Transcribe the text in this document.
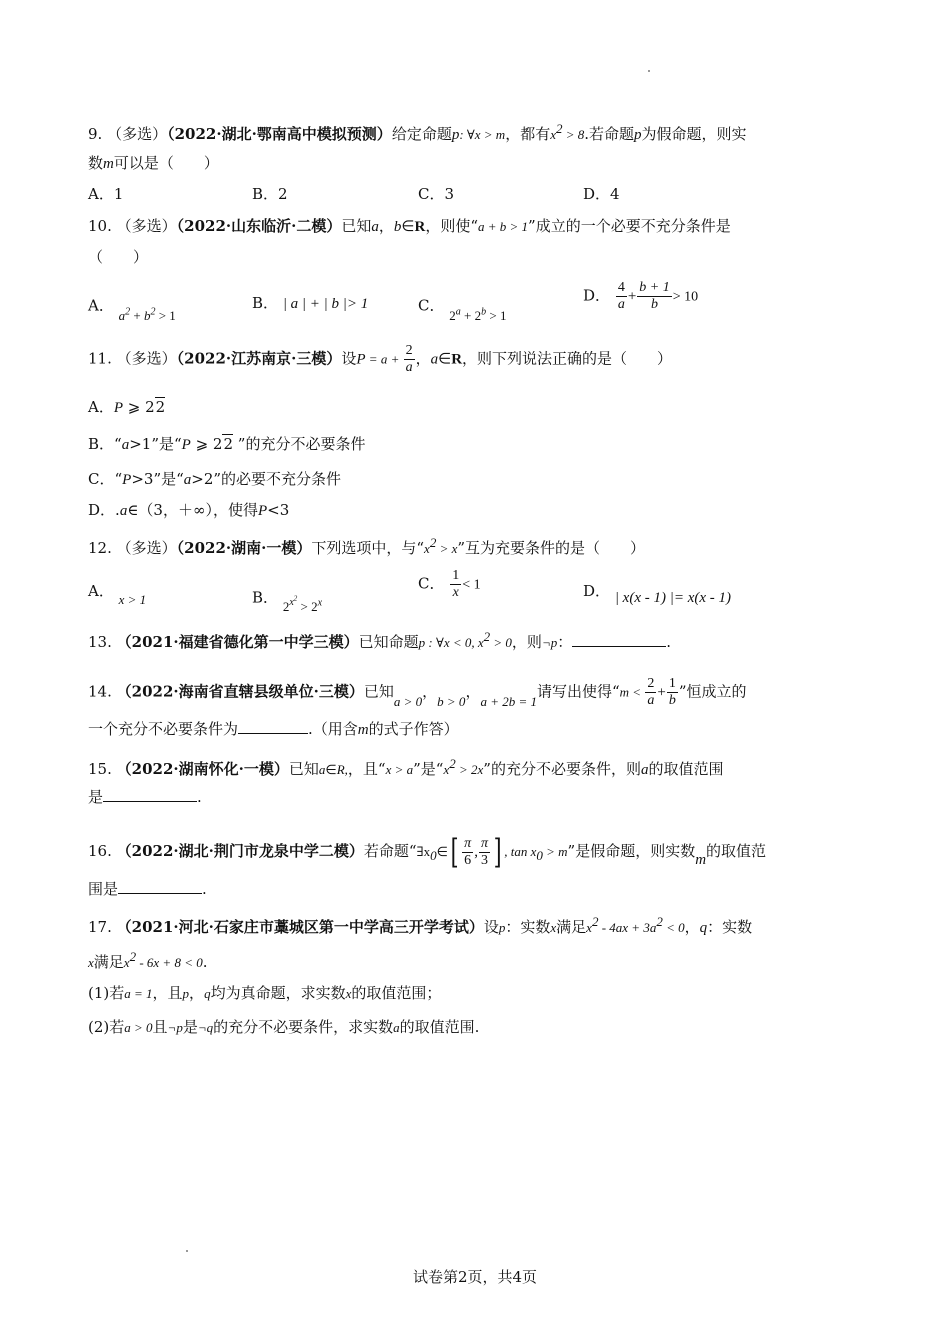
9. （多选）（2022·湖北·鄂南高中模拟预测）给定命题p: ∀x > m，都有$x^2 > 8$.若命题p为假命题，则实
数m可以是（　　）
A．1	B．2	C．3	D．4
10. （多选）（2022·山东临沂·二模）已知a，b∈R，则使“a + b > 1”成立的一个必要不充分条件是
（　　）
A． $a^2 + b^2 > 1$
B． | a | + | b |> 1	C． $2^a + 2^b > 1$
D． $\frac{4}{a} + \frac{b + 1}{b} > 10$
11. （多选）（2022·江苏南京·三模）设$P = a + \frac{2}{a}$ ，a∈R，则下列说法正确的是（　　）
A．P ⩾ 22
B．“a>1”是“P ⩾ 22 ”的充分不必要条件
C．“P>3”是“a>2”的必要不充分条件
D．.a∈（3，＋∞），使得P<3
12. （多选）（2022·湖南·一模）下列选项中，与“$x^2 > x$”互为充要条件的是（　　）
A． x > 1	B． $2^{x^2} > 2^x$
C． $\frac{1}{x} < 1$	D． | x(x - 1) |= x(x - 1)
13. （2021·福建省德化第一中学三模）已知命题p : ∀x < 0, $x^2 > 0$，则¬p：	.
14. （2022·海南省直辖县级单位·三模）已知a > 0，b > 0，a + 2b = 1请写出使得“$m < \frac{2}{a} + \frac{1}{b}$ ”恒成立的
一个充分不必要条件为	.（用含m的式子作答）
15. （2022·湖南怀化·一模）已知a∈R,，且“x > a”是“$x^2 > 2x$”的充分不必要条件，则a的取值范围
是	.
16. （2022·湖北·荆门市龙泉中学二模）若命题“$\exists x_0\in[ \frac{\pi}{6}$ , $\frac{\pi}{3}$ ] , $\tan x_0 > m$”是假命题，则实数m的取值范
围是	.
17. （2021·河北·石家庄市藁城区第一中学高三开学考试）设p：实数x满足$x^2 - 4ax + 3a^2 < 0$，q：实数
x满足$x^2 - 6x + 8 < 0$.
(1)若a = 1，且p，q均为真命题，求实数x的取值范围；
(2)若a > 0且¬p是¬q的充分不必要条件，求实数a的取值范围.
试卷第2页，共4页
